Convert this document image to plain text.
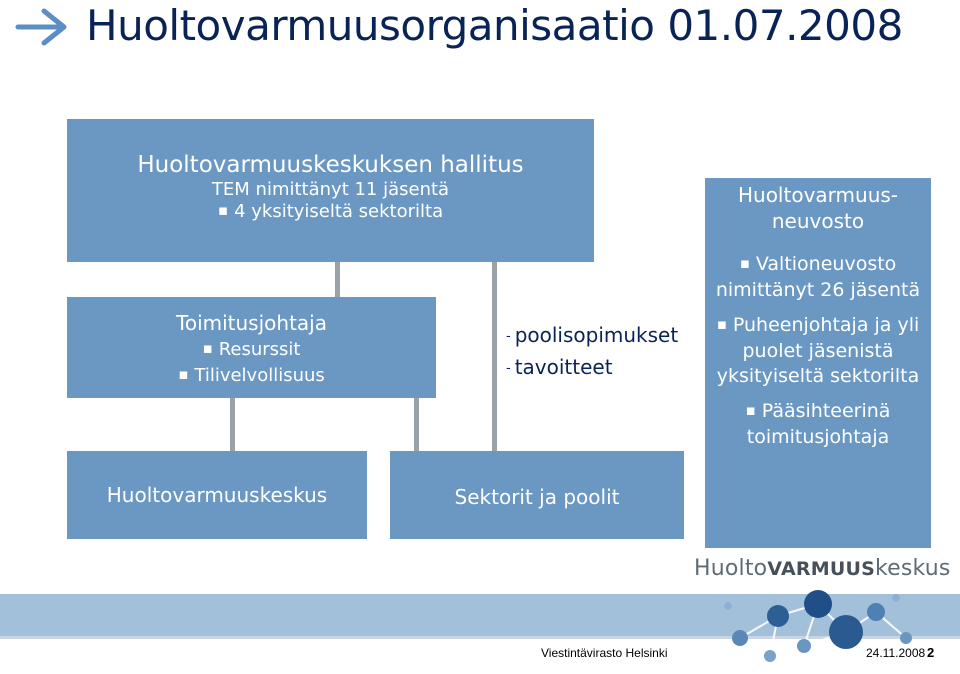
Huoltovarmuusorganisaatio 01.07.2008
Huoltovarmuuskeskuksen hallitus
TEM nimittänyt 11 jäsentä
▪ 4 yksityiseltä sektorilta
Toimitusjohtaja
▪ Resurssit
▪ Tilivelvollisuus
- poolisopimukset
- tavoitteet
Huoltovarmuuskeskus	Sektorit ja poolit
Huoltovarmuus-
neuvosto
▪ Valtioneuvosto nimittänyt 26 jäsentä
▪ Puheenjohtaja ja yli puolet jäsenistä yksityiseltä sektorilta
▪ Pääsihteerinä toimitusjohtaja
HuoltoVARMUUSkeskus
Viestintävirasto Helsinki	24.11.2008 2
